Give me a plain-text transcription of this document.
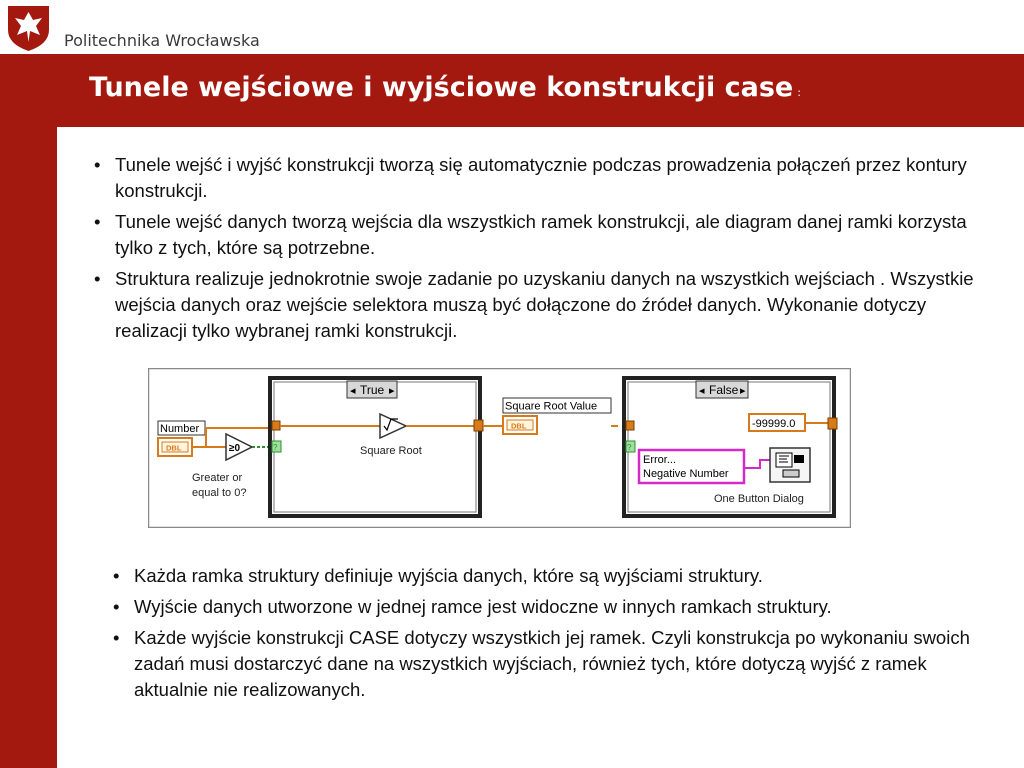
Politechnika Wrocławska
Tunele wejściowe i wyjściowe konstrukcji case :
• Tunele wejść i wyjść konstrukcji tworzą się automatycznie podczas prowadzenia połączeń przez kontury konstrukcji.
• Tunele wejść danych tworzą wejścia dla wszystkich ramek konstrukcji, ale diagram danej ramki korzysta tylko z tych, które są potrzebne.
• Struktura realizuje jednokrotnie swoje zadanie po uzyskaniu danych na wszystkich wejściach . Wszystkie wejścia danych oraz wejście selektora muszą być dołączone do źródeł danych. Wykonanie dotyczy realizacji tylko wybranej ramki konstrukcji.
Number
DBL	≥0
Greater or
equal to 0?
◂	▸
True
?	Square Root
Square Root Value
DBL
◂	▸
False
?
-99999.0
Error...
Negative Number
One Button Dialog
• Każda ramka struktury definiuje wyjścia danych, które są wyjściami struktury.
• Wyjście danych utworzone w jednej ramce jest widoczne w innych ramkach struktury.
• Każde wyjście konstrukcji CASE dotyczy wszystkich jej ramek. Czyli konstrukcja po wykonaniu swoich zadań musi dostarczyć dane na wszystkich wyjściach, również tych, które dotyczą wyjść z ramek aktualnie nie realizowanych.
